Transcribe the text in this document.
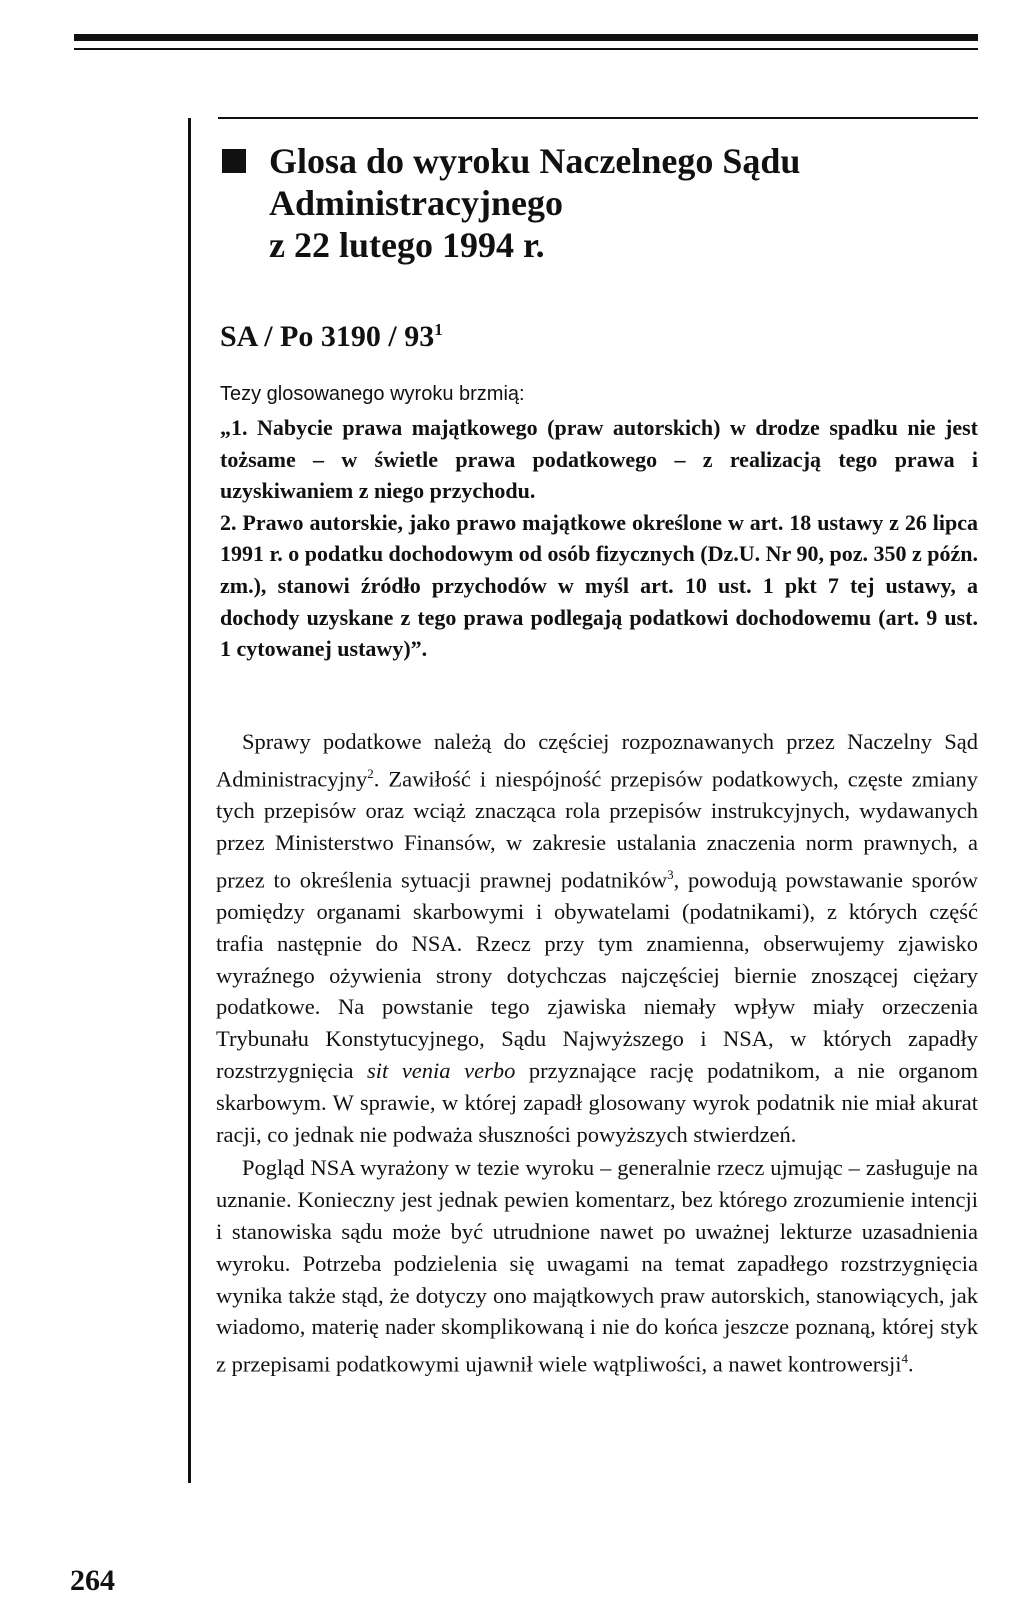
Glosa do wyroku Naczelnego Sądu
Administracyjnego
z 22 lutego 1994 r.
SA / Po $3190 / 93^1$
Tezy glosowanego wyroku brzmią:

„1. Nabycie prawa majątkowego (praw autorskich) w drodze spadku nie jest tożsame – w świetle prawa podatkowego – z realizacją tego prawa i uzyskiwaniem z niego przychodu.
2. Prawo autorskie, jako prawo majątkowe określone w art. 18 ustawy z 26 lipca 1991 r. o podatku dochodowym od osób fizycznych (Dz.U. Nr 90, poz. 350 z późn. zm.), stanowi źródło przychodów w myśl art. 10 ust. 1 pkt 7 tej ustawy, a dochody uzyskane z tego prawa podlegają podatkowi dochodowemu (art. 9 ust. 1 cytowanej ustawy)”.

Sprawy podatkowe należą do częściej rozpoznawanych przez Naczelny Sąd Administracyjny$^2$. Zawiłość i niespójność przepisów podatkowych, częste zmiany tych przepisów oraz wciąż znacząca rola przepisów instrukcyjnych, wydawanych przez Ministerstwo Finansów, w zakresie ustalania znaczenia norm prawnych, a przez to określenia sytuacji prawnej podatników$^3$, powodują powstawanie sporów pomiędzy organami skarbowymi i obywatelami (podatnikami), z których część trafia następnie do NSA. Rzecz przy tym znamienna, obserwujemy zjawisko wyraźnego ożywienia strony dotychczas najczęściej biernie znoszącej ciężary podatkowe. Na powstanie tego zjawiska niemały wpływ miały orzeczenia Trybunału Konstytucyjnego, Sądu Najwyższego i NSA, w których zapadły rozstrzygnięcia sit venia verbo przyznające rację podatnikom, a nie organom skarbowym. W sprawie, w której zapadł glosowany wyrok podatnik nie miał akurat racji, co jednak nie podważa słuszności powyższych stwierdzeń.

Pogląd NSA wyrażony w tezie wyroku – generalnie rzecz ujmując – zasługuje na uznanie. Konieczny jest jednak pewien komentarz, bez którego zrozumienie intencji i stanowiska sądu może być utrudnione nawet po uważnej lekturze uzasadnienia wyroku. Potrzeba podzielenia się uwagami na temat zapadłego rozstrzygnięcia wynika także stąd, że dotyczy ono majątkowych praw autorskich, stanowiących, jak wiadomo, materię nader skomplikowaną i nie do końca jeszcze poznaną, której styk z przepisami podatkowymi ujawnił wiele wątpliwości, a nawet kontrowersji$^4$.

264
